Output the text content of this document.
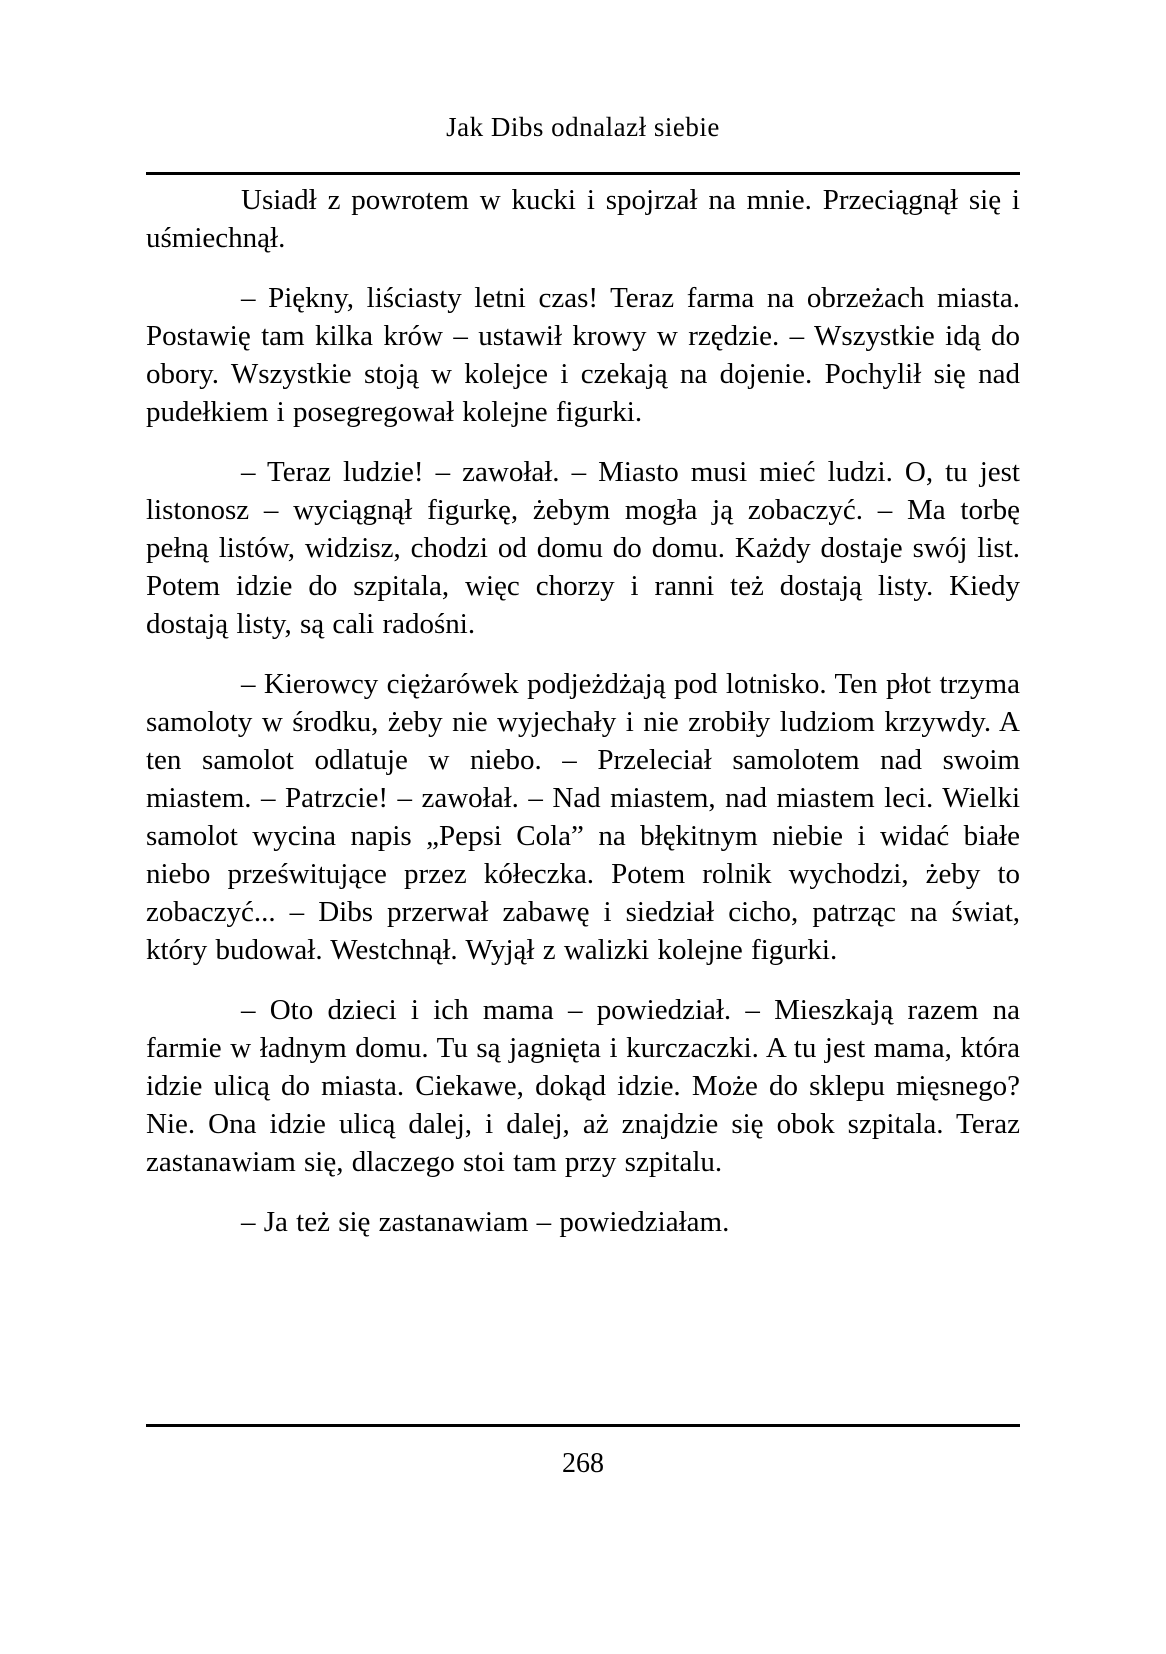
Jak Dibs odnalazł siebie

Usiadł z powrotem w kucki i spojrzał na mnie. Przeciągnął się i uśmiechnął.

– Piękny, liściasty letni czas! Teraz farma na obrzeżach miasta. Postawię tam kilka krów – ustawił krowy w rzędzie. – Wszystkie idą do obory. Wszystkie stoją w kolejce i czekają na dojenie. Pochylił się nad pudełkiem i posegregował kolejne figurki.

– Teraz ludzie! – zawołał. – Miasto musi mieć ludzi. O, tu jest listonosz – wyciągnął figurkę, żebym mogła ją zobaczyć. – Ma torbę pełną listów, widzisz, chodzi od domu do domu. Każdy dostaje swój list. Potem idzie do szpitala, więc chorzy i ranni też dostają listy. Kiedy dostają listy, są cali radośni.

– Kierowcy ciężarówek podjeżdżają pod lotnisko. Ten płot trzyma samoloty w środku, żeby nie wyjechały i nie zrobiły ludziom krzywdy. A ten samolot odlatuje w niebo. – Przeleciał samolotem nad swoim miastem. – Patrzcie! – zawołał. – Nad miastem, nad miastem leci. Wielki samolot wycina napis „Pepsi Cola” na błękitnym niebie i widać białe niebo prześwitujące przez kółeczka. Potem rolnik wychodzi, żeby to zobaczyć... – Dibs przerwał zabawę i siedział cicho, patrząc na świat, który budował. Westchnął. Wyjął z walizki kolejne figurki.

– Oto dzieci i ich mama – powiedział. – Mieszkają razem na farmie w ładnym domu. Tu są jagnięta i kurczaczki. A tu jest mama, która idzie ulicą do miasta. Ciekawe, dokąd idzie. Może do sklepu mięsnego? Nie. Ona idzie ulicą dalej, i dalej, aż znajdzie się obok szpitala. Teraz zastanawiam się, dlaczego stoi tam przy szpitalu.

– Ja też się zastanawiam – powiedziałam.

268
